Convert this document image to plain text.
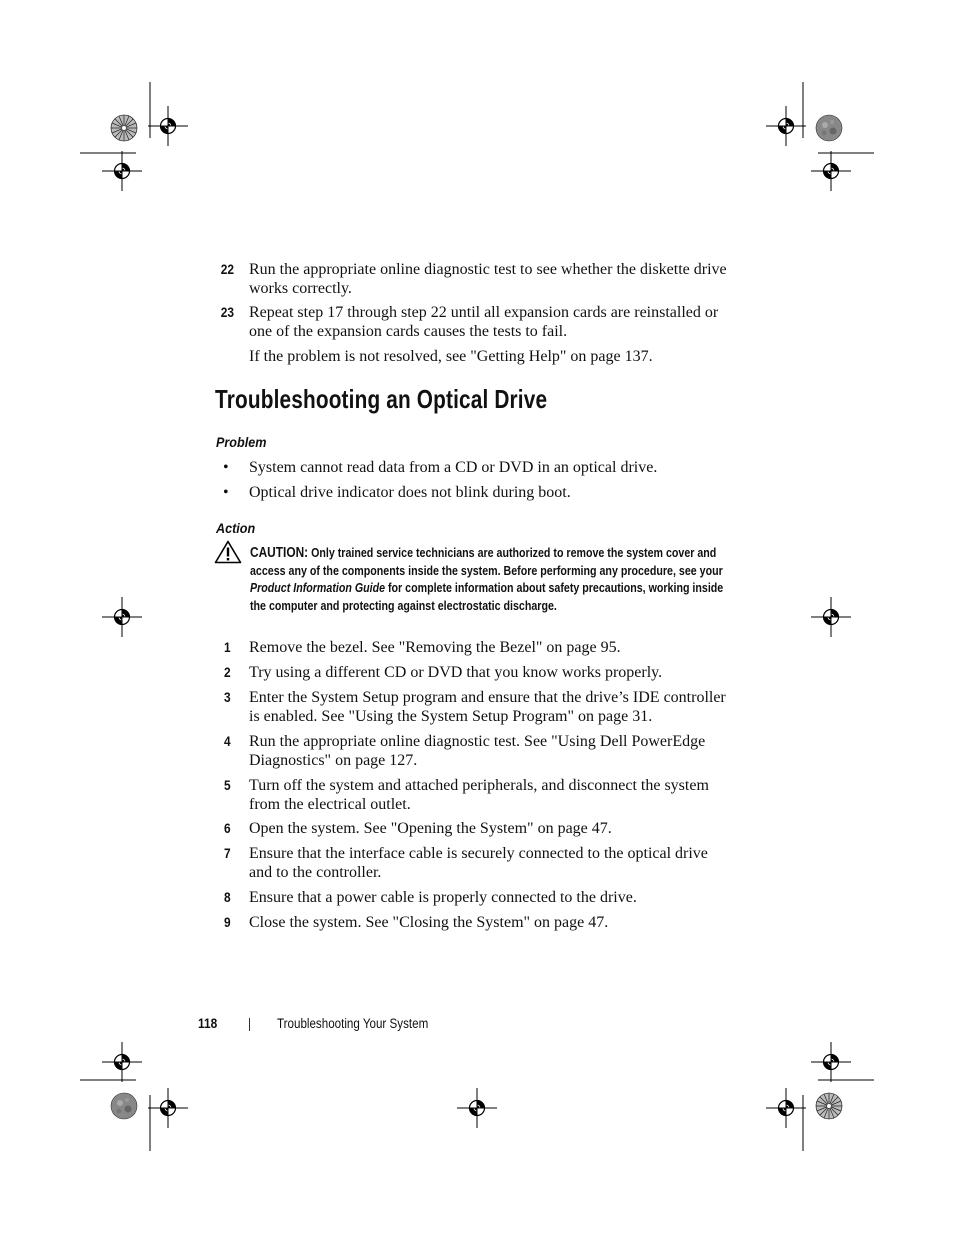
22 Run the appropriate online diagnostic test to see whether the diskette drive works correctly.
23 Repeat step 17 through step 22 until all expansion cards are reinstalled or one of the expansion cards causes the tests to fail.
If the problem is not resolved, see "Getting Help" on page 137.
Troubleshooting an Optical Drive
Problem
• System cannot read data from a CD or DVD in an optical drive.
• Optical drive indicator does not blink during boot.
Action
CAUTION: Only trained service technicians are authorized to remove the system cover and access any of the components inside the system. Before performing any procedure, see your Product Information Guide for complete information about safety precautions, working inside the computer and protecting against electrostatic discharge.
1	Remove the bezel. See "Removing the Bezel" on page 95.
2	Try using a different CD or DVD that you know works properly.
3	Enter the System Setup program and ensure that the drive’s IDE controller is enabled. See "Using the System Setup Program" on page 31.
4	Run the appropriate online diagnostic test. See "Using Dell PowerEdge Diagnostics" on page 127.
5	Turn off the system and attached peripherals, and disconnect the system from the electrical outlet.
6	Open the system. See "Opening the System" on page 47.
7	Ensure that the interface cable is securely connected to the optical drive and to the controller.
8	Ensure that a power cable is properly connected to the drive.
9	Close the system. See "Closing the System" on page 47.
118	Troubleshooting Your System
